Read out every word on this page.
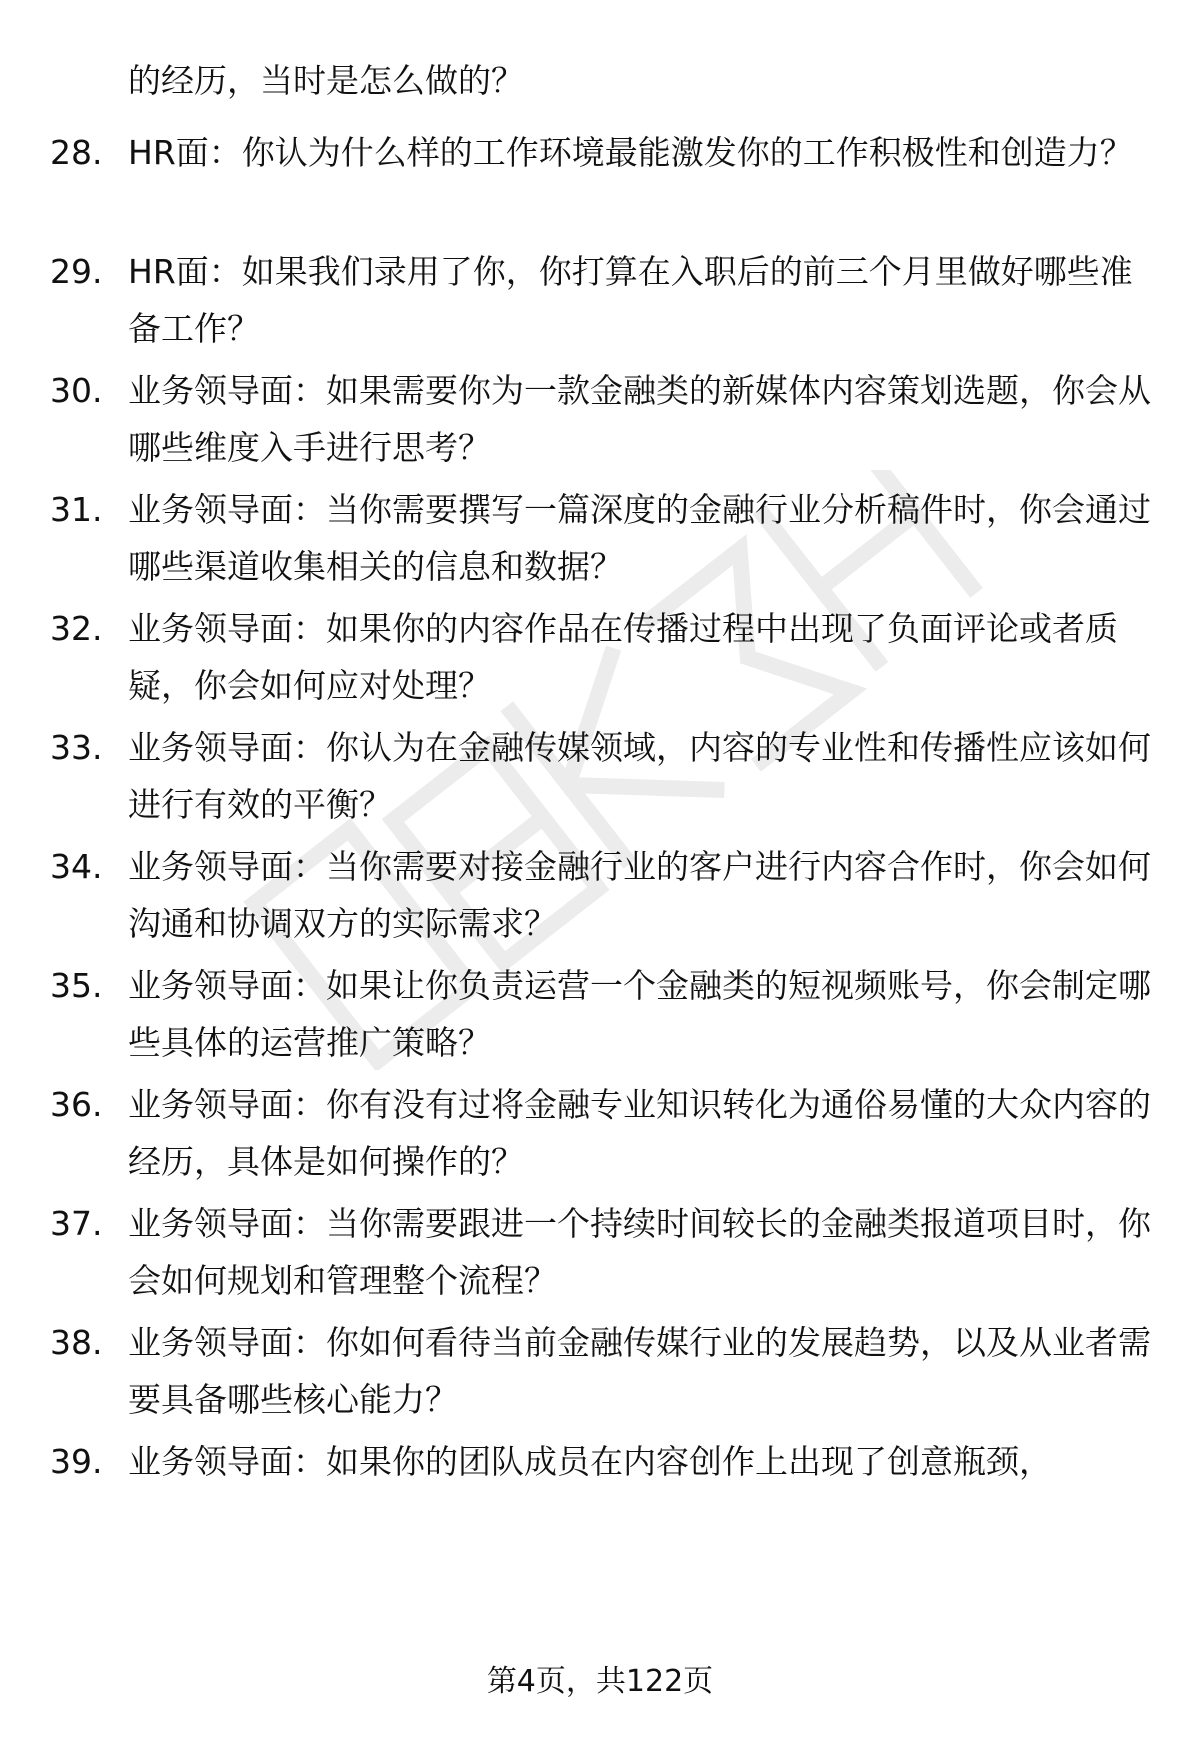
的经历，当时是怎么做的？
28. HR面：你认为什么样的工作环境最能激发你的工作积极性和创造力？
29. HR面：如果我们录用了你，你打算在入职后的前三个月里做好哪些准备工作？
30. 业务领导面：如果需要你为一款金融类的新媒体内容策划选题，你会从哪些维度入手进行思考？
31. 业务领导面：当你需要撰写一篇深度的金融行业分析稿件时，你会通过哪些渠道收集相关的信息和数据？
32. 业务领导面：如果你的内容作品在传播过程中出现了负面评论或者质疑，你会如何应对处理？
33. 业务领导面：你认为在金融传媒领域，内容的专业性和传播性应该如何进行有效的平衡？
34. 业务领导面：当你需要对接金融行业的客户进行内容合作时，你会如何沟通和协调双方的实际需求？
35. 业务领导面：如果让你负责运营一个金融类的短视频账号，你会制定哪些具体的运营推广策略？
36. 业务领导面：你有没有过将金融专业知识转化为通俗易懂的大众内容的经历，具体是如何操作的？
37. 业务领导面：当你需要跟进一个持续时间较长的金融类报道项目时，你会如何规划和管理整个流程？
38. 业务领导面：你如何看待当前金融传媒行业的发展趋势，以及从业者需要具备哪些核心能力？
39. 业务领导面：如果你的团队成员在内容创作上出现了创意瓶颈，
第4页，共122页
